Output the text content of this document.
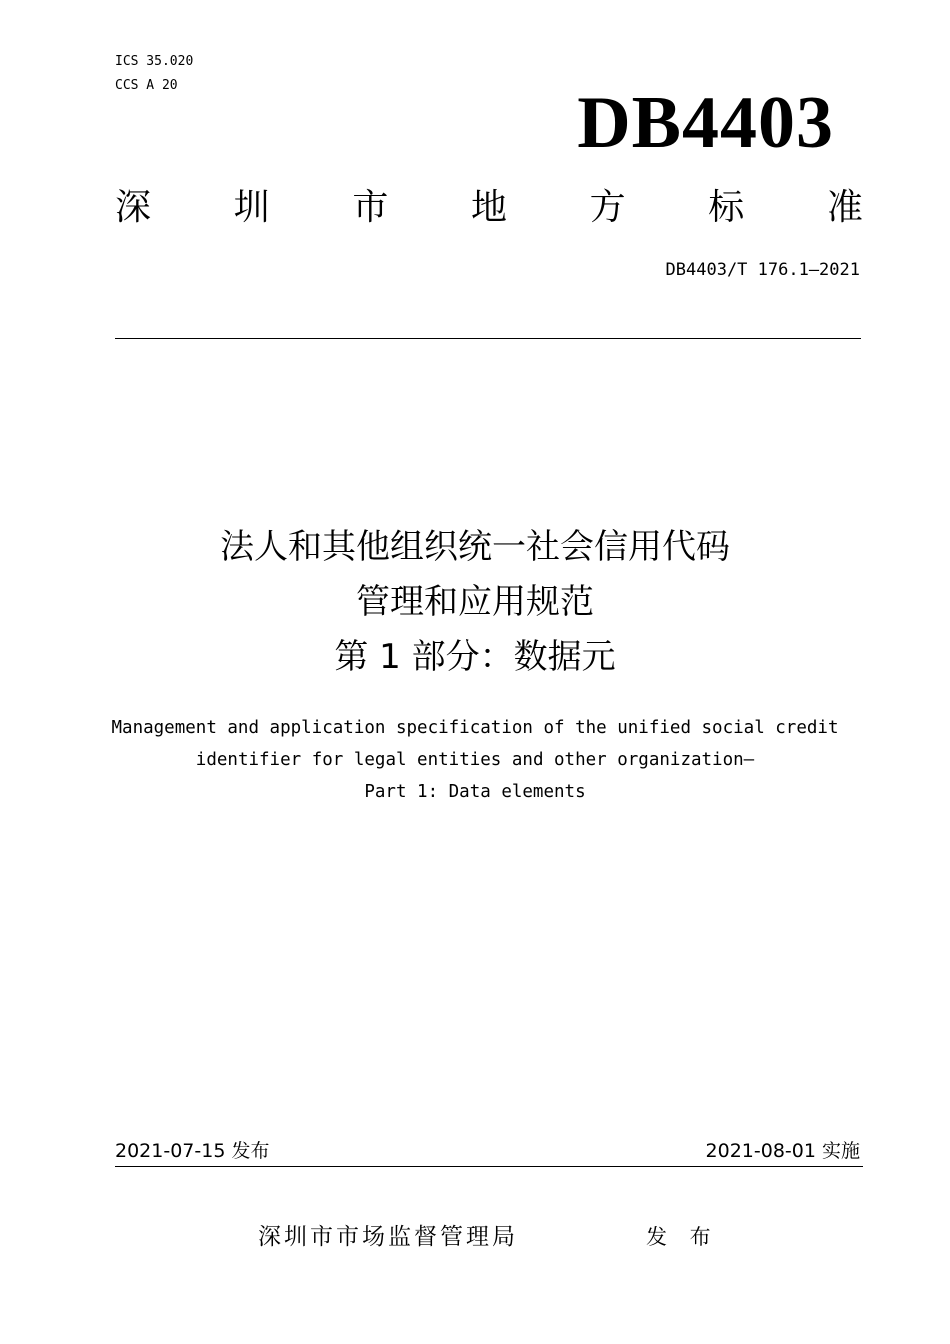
ICS 35.020
CCS A 20	DB4403
深 圳 市 地 方 标 准
DB4403/T 176.1—2021
法人和其他组织统一社会信用代码
管理和应用规范
第 1 部分：数据元
Management and application specification of the unified social credit
identifier for legal entities and other organization—
Part 1: Data elements
2021-07-15 发布	2021-08-01 实施
深圳市市场监督管理局	发 布
